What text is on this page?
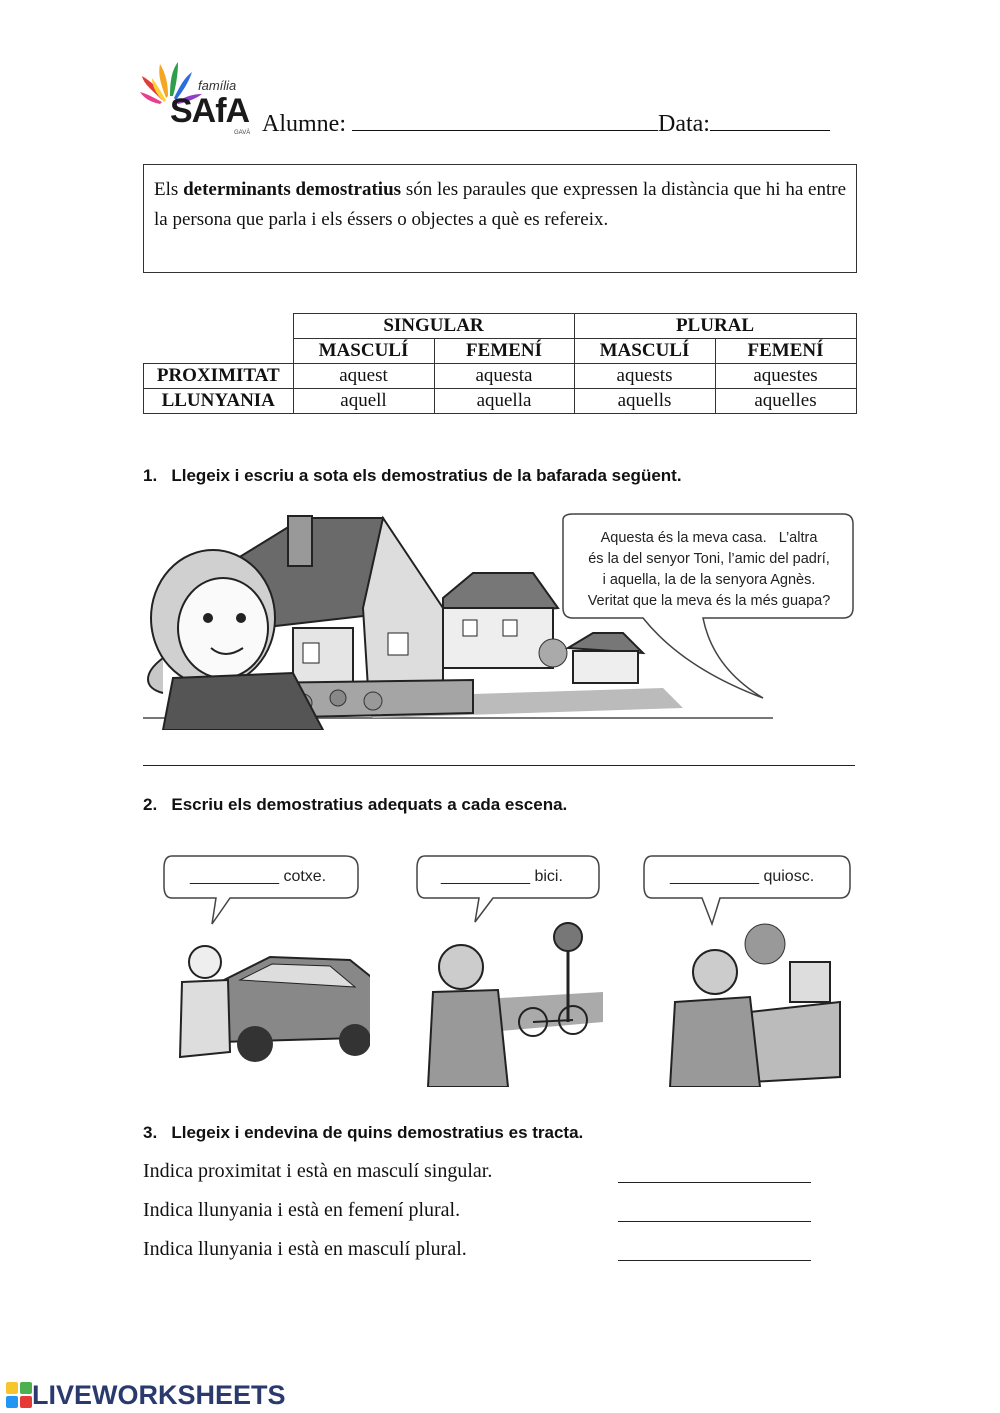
família
SAfA
GAVÀ Alumne:	Data:
Els determinants demostratius són les paraules que expressen la distància que hi ha entre la persona que parla i els éssers o objectes a què es refereix.
	SINGULAR		PLURAL	
	MASCULÍ	FEMENÍ	MASCULÍ	FEMENÍ
PROXIMITAT	aquest	aquesta	aquests	aquestes
LLUNYANIA	aquell	aquella	aquells	aquelles
1. Llegeix i escriu a sota els demostratius de la bafarada següent.
Aquesta és la meva casa.   L’altra
és la del senyor Toni, l’amic del padrí,
i aquella, la de la senyora Agnès.
Veritat que la meva és la més guapa?
2. Escriu els demostratius adequats a cada escena.
__________ cotxe.	__________ bici.	__________ quiosc.
3. Llegeix i endevina de quins demostratius es tracta.
Indica proximitat i està en masculí singular.
Indica llunyania i està en femení plural.
Indica llunyania i està en masculí plural.
LIVEWORKSHEETS
